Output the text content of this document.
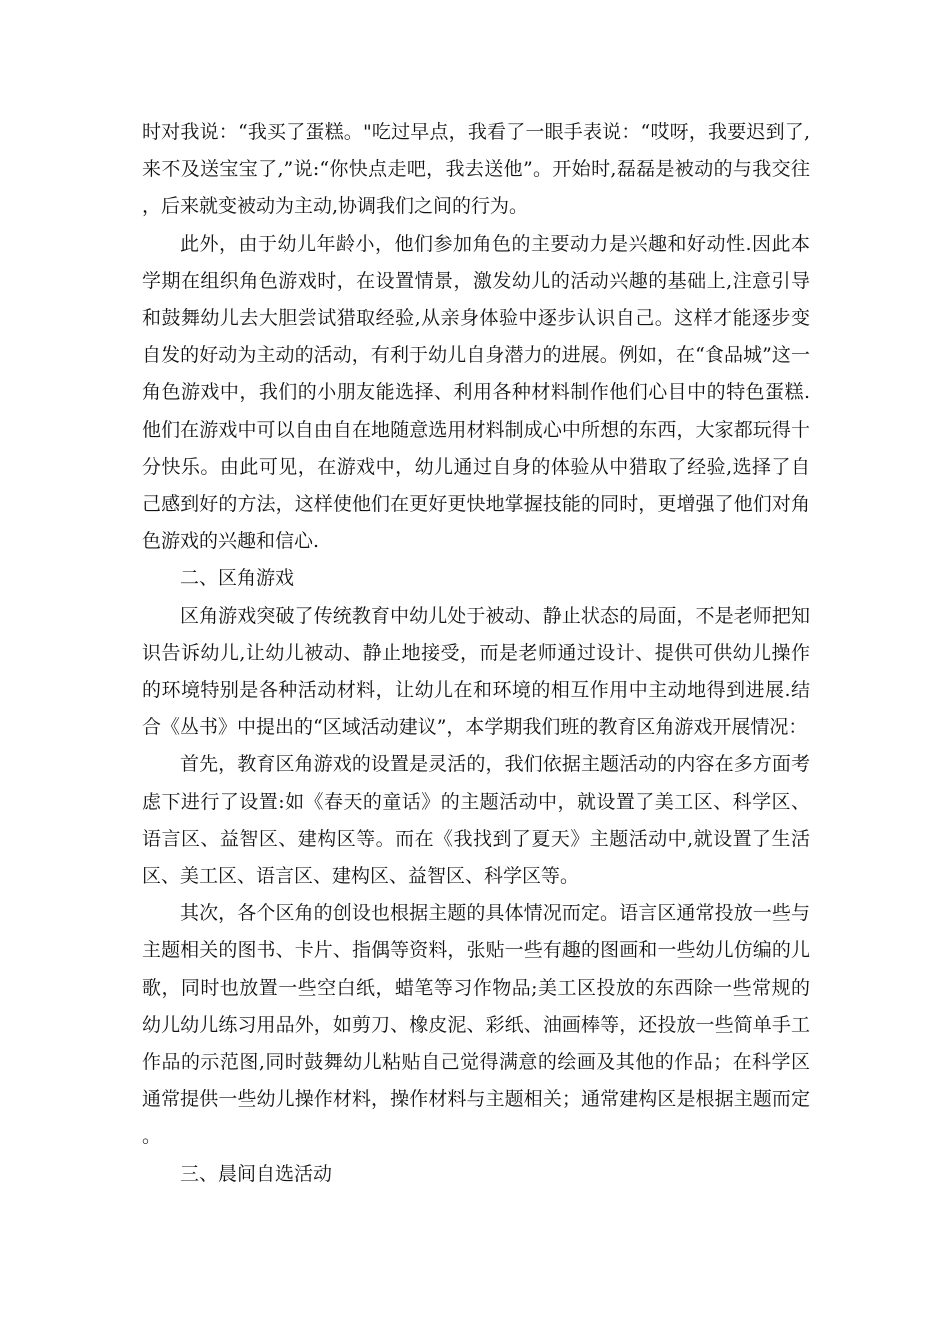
时对我说：“我买了蛋糕。"吃过早点，我看了一眼手表说：“哎呀，我要迟到了,来不及送宝宝了,”说:“你快点走吧，我去送他”。开始时,磊磊是被动的与我交往，后来就变被动为主动,协调我们之间的行为。

此外，由于幼儿年龄小，他们参加角色的主要动力是兴趣和好动性.因此本学期在组织角色游戏时，在设置情景，激发幼儿的活动兴趣的基础上,注意引导和鼓舞幼儿去大胆尝试猎取经验,从亲身体验中逐步认识自己。这样才能逐步变自发的好动为主动的活动，有利于幼儿自身潜力的进展。例如，在“食品城”这一角色游戏中，我们的小朋友能选择、利用各种材料制作他们心目中的特色蛋糕.他们在游戏中可以自由自在地随意选用材料制成心中所想的东西，大家都玩得十分快乐。由此可见，在游戏中，幼儿通过自身的体验从中猎取了经验,选择了自己感到好的方法，这样使他们在更好更快地掌握技能的同时，更增强了他们对角色游戏的兴趣和信心.

二、区角游戏

区角游戏突破了传统教育中幼儿处于被动、静止状态的局面，不是老师把知识告诉幼儿,让幼儿被动、静止地接受，而是老师通过设计、提供可供幼儿操作的环境特别是各种活动材料，让幼儿在和环境的相互作用中主动地得到进展.结合《丛书》中提出的“区域活动建议”，本学期我们班的教育区角游戏开展情况：

首先，教育区角游戏的设置是灵活的，我们依据主题活动的内容在多方面考虑下进行了设置:如《春天的童话》的主题活动中，就设置了美工区、科学区、语言区、益智区、建构区等。而在《我找到了夏天》主题活动中,就设置了生活区、美工区、语言区、建构区、益智区、科学区等。

其次，各个区角的创设也根据主题的具体情况而定。语言区通常投放一些与主题相关的图书、卡片、指偶等资料，张贴一些有趣的图画和一些幼儿仿编的儿歌，同时也放置一些空白纸，蜡笔等习作物品;美工区投放的东西除一些常规的幼儿幼儿练习用品外，如剪刀、橡皮泥、彩纸、油画棒等，还投放一些简单手工作品的示范图,同时鼓舞幼儿粘贴自己觉得满意的绘画及其他的作品；在科学区通常提供一些幼儿操作材料，操作材料与主题相关；通常建构区是根据主题而定。

三、晨间自选活动
